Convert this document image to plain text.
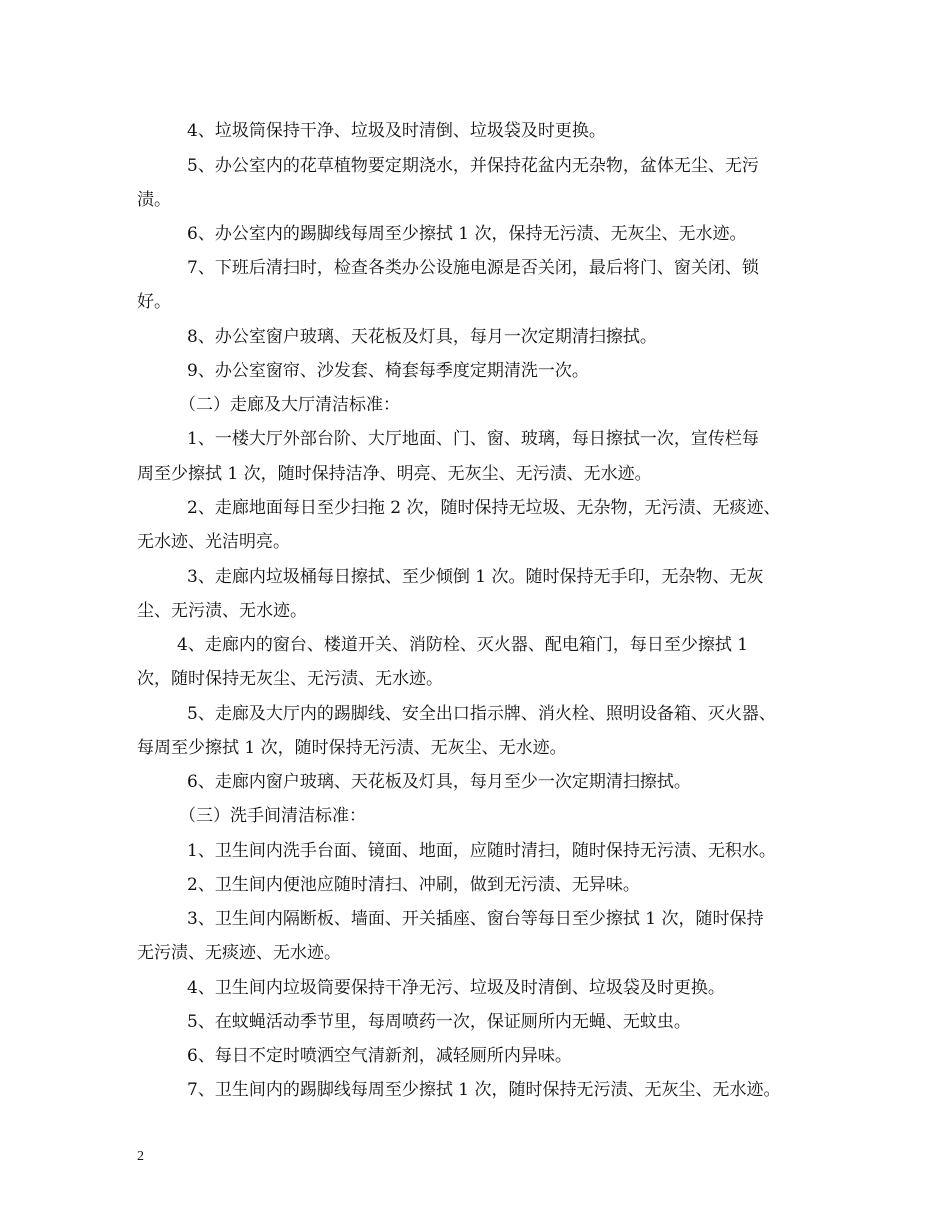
4、垃圾筒保持干净、垃圾及时清倒、垃圾袋及时更换。

5、办公室内的花草植物要定期浇水，并保持花盆内无杂物，盆体无尘、无污

渍。

6、办公室内的踢脚线每周至少擦拭 1 次，保持无污渍、无灰尘、无水迹。

7、下班后清扫时，检查各类办公设施电源是否关闭，最后将门、窗关闭、锁

好。

8、办公室窗户玻璃、天花板及灯具，每月一次定期清扫擦拭。

9、办公室窗帘、沙发套、椅套每季度定期清洗一次。

（二）走廊及大厅清洁标准：

1、一楼大厅外部台阶、大厅地面、门、窗、玻璃，每日擦拭一次，宣传栏每

周至少擦拭 1 次，随时保持洁净、明亮、无灰尘、无污渍、无水迹。

2、走廊地面每日至少扫拖 2 次，随时保持无垃圾、无杂物，无污渍、无痰迹、

无水迹、光洁明亮。

3、走廊内垃圾桶每日擦拭、至少倾倒 1 次。随时保持无手印，无杂物、无灰

尘、无污渍、无水迹。

4、走廊内的窗台、楼道开关、消防栓、灭火器、配电箱门，每日至少擦拭 1

次，随时保持无灰尘、无污渍、无水迹。

5、走廊及大厅内的踢脚线、安全出口指示牌、消火栓、照明设备箱、灭火器、

每周至少擦拭 1 次，随时保持无污渍、无灰尘、无水迹。

6、走廊内窗户玻璃、天花板及灯具，每月至少一次定期清扫擦拭。

（三）洗手间清洁标准：

1、卫生间内洗手台面、镜面、地面，应随时清扫，随时保持无污渍、无积水。

2、卫生间内便池应随时清扫、冲刷，做到无污渍、无异味。

3、卫生间内隔断板、墙面、开关插座、窗台等每日至少擦拭 1 次，随时保持

无污渍、无痰迹、无水迹。

4、卫生间内垃圾筒要保持干净无污、垃圾及时清倒、垃圾袋及时更换。

5、在蚊蝇活动季节里，每周喷药一次，保证厕所内无蝇、无蚊虫。

6、每日不定时喷洒空气清新剂，减轻厕所内异味。

7、卫生间内的踢脚线每周至少擦拭 1 次，随时保持无污渍、无灰尘、无水迹。

2
